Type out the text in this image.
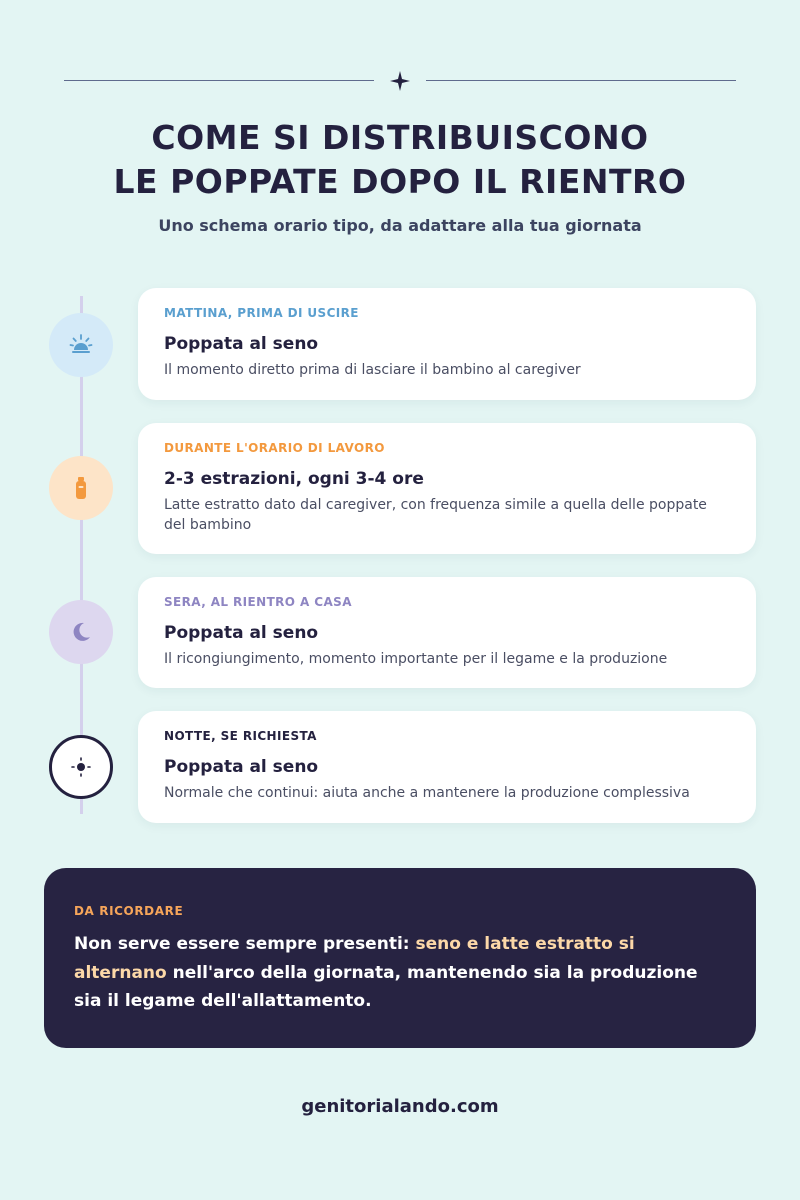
COME SI DISTRIBUISCONO
LE POPPATE DOPO IL RIENTRO
Uno schema orario tipo, da adattare alla tua giornata
MATTINA, PRIMA DI USCIRE
Poppata al seno
Il momento diretto prima di lasciare il bambino al caregiver
DURANTE L'ORARIO DI LAVORO
2-3 estrazioni, ogni 3-4 ore
Latte estratto dato dal caregiver, con frequenza simile a quella delle poppate del bambino
SERA, AL RIENTRO A CASA
Poppata al seno
Il ricongiungimento, momento importante per il legame e la produzione
NOTTE, SE RICHIESTA
Poppata al seno
Normale che continui: aiuta anche a mantenere la produzione complessiva
DA RICORDARE
Non serve essere sempre presenti: seno e latte estratto si alternano nell'arco della giornata, mantenendo sia la produzione sia il legame dell'allattamento.
genitorialando.com
